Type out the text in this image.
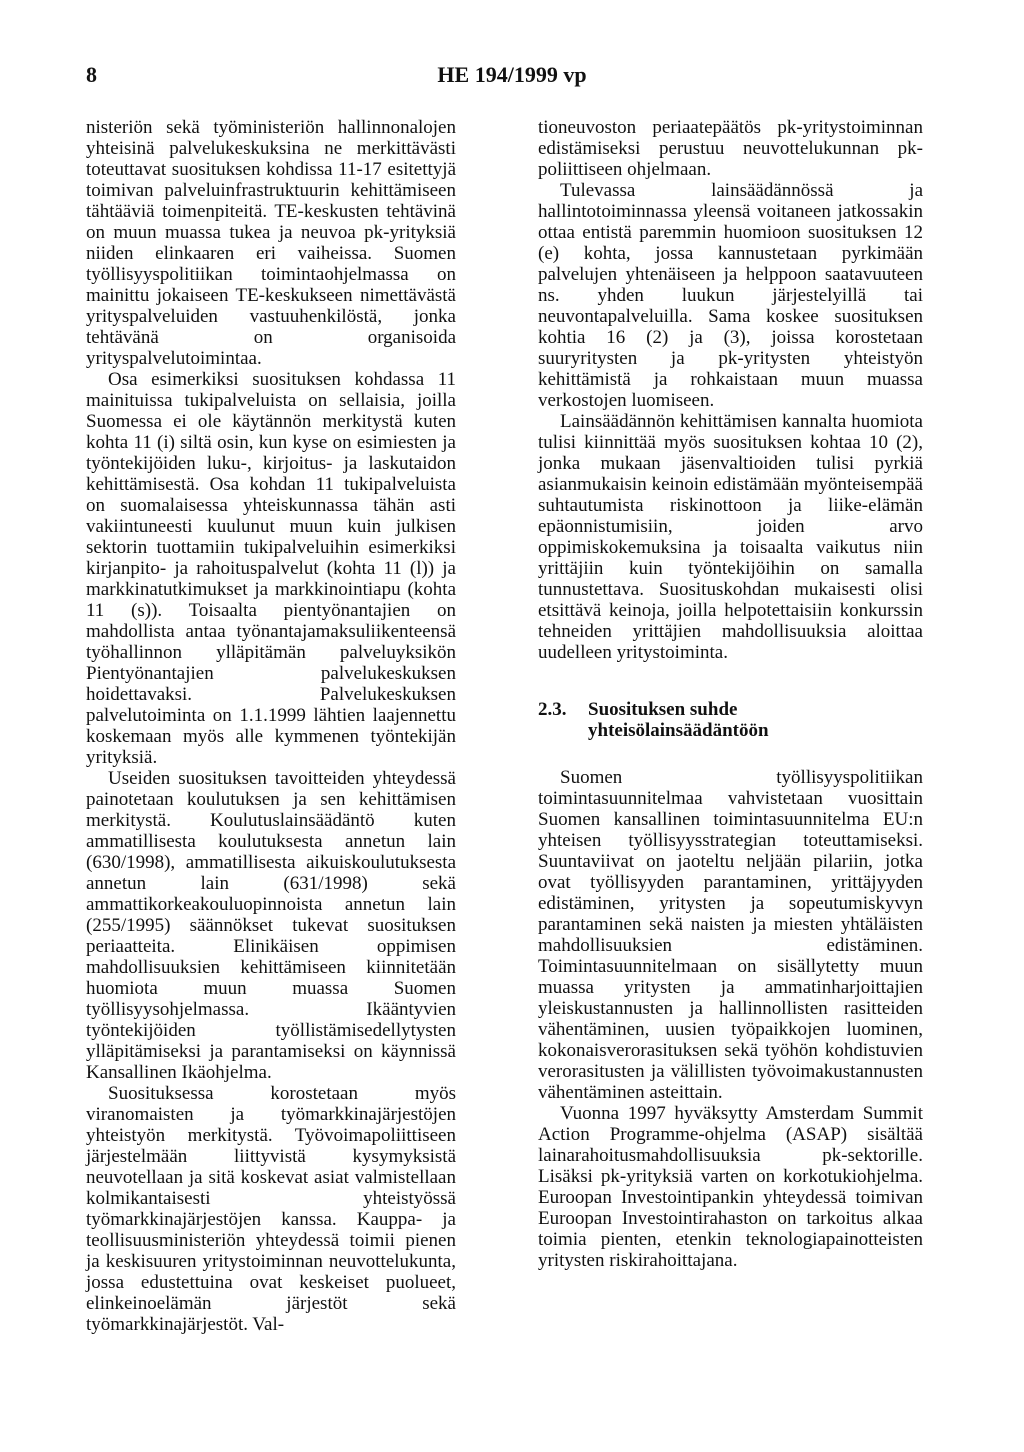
8	HE 194/1999 vp

nisteriön sekä työministeriön hallinnonalojen yhteisinä palvelukeskuksina ne merkittävästi toteuttavat suosituksen kohdissa 11-17 esitettyjä toimivan palveluinfrastruktuurin kehittämiseen tähtääviä toimenpiteitä. TE-keskusten tehtävinä on muun muassa tukea ja neuvoa pk-yrityksiä niiden elinkaaren eri vaiheissa. Suomen työllisyyspolitiikan toimintaohjelmassa on mainittu jokaiseen TE-keskukseen nimettävästä yrityspalveluiden vastuuhenkilöstä, jonka tehtävänä on organisoida yrityspalvelutoimintaa.

Osa esimerkiksi suosituksen kohdassa 11 mainituissa tukipalveluista on sellaisia, joilla Suomessa ei ole käytännön merkitystä kuten kohta 11 (i) siltä osin, kun kyse on esimiesten ja työntekijöiden luku-, kirjoitus- ja laskutaidon kehittämisestä. Osa kohdan 11 tukipalveluista on suomalaisessa yhteiskunnassa tähän asti vakiintuneesti kuulunut muun kuin julkisen sektorin tuottamiin tukipalveluihin esimerkiksi kirjanpito- ja rahoituspalvelut (kohta 11 (l)) ja markkinatutkimukset ja markkinointiapu (kohta 11 (s)). Toisaalta pientyönantajien on mahdollista antaa työnantajamaksuliikenteensä työhallinnon ylläpitämän palveluyksikön Pientyönantajien palvelukeskuksen hoidettavaksi. Palvelukeskuksen palvelutoiminta on 1.1.1999 lähtien laajennettu koskemaan myös alle kymmenen työntekijän yrityksiä.

Useiden suosituksen tavoitteiden yhteydessä painotetaan koulutuksen ja sen kehittämisen merkitystä. Koulutuslainsäädäntö kuten ammatillisesta koulutuksesta annetun lain (630/1998), ammatillisesta aikuiskoulutuksesta annetun lain (631/1998) sekä ammattikorkeakouluopinnoista annetun lain (255/1995) säännökset tukevat suosituksen periaatteita. Elinikäisen oppimisen mahdollisuuksien kehittämiseen kiinnitetään huomiota muun muassa Suomen työllisyysohjelmassa. Ikääntyvien työntekijöiden työllistämisedellytysten ylläpitämiseksi ja parantamiseksi on käynnissä Kansallinen Ikäohjelma.

Suosituksessa korostetaan myös viranomaisten ja työmarkkinajärjestöjen yhteistyön merkitystä. Työvoimapoliittiseen järjestelmään liittyvistä kysymyksistä neuvotellaan ja sitä koskevat asiat valmistellaan kolmikantaisesti yhteistyössä työmarkkinajärjestöjen kanssa. Kauppa- ja teollisuusministeriön yhteydessä toimii pienen ja keskisuuren yritystoiminnan neuvottelukunta, jossa edustettuina ovat keskeiset puolueet, elinkeinoelämän järjestöt sekä työmarkkinajärjestöt. Val-

tioneuvoston periaatepäätös pk-yritystoiminnan edistämiseksi perustuu neuvottelukunnan pk-poliittiseen ohjelmaan.

Tulevassa lainsäädännössä ja hallintotoiminnassa yleensä voitaneen jatkossakin ottaa entistä paremmin huomioon suosituksen 12 (e) kohta, jossa kannustetaan pyrkimään palvelujen yhtenäiseen ja helppoon saatavuuteen ns. yhden luukun järjestelyillä tai neuvontapalveluilla. Sama koskee suosituksen kohtia 16 (2) ja (3), joissa korostetaan suuryritysten ja pk-yritysten yhteistyön kehittämistä ja rohkaistaan muun muassa verkostojen luomiseen.

Lainsäädännön kehittämisen kannalta huomiota tulisi kiinnittää myös suosituksen kohtaa 10 (2), jonka mukaan jäsenvaltioiden tulisi pyrkiä asianmukaisin keinoin edistämään myönteisempää suhtautumista riskinottoon ja liike-elämän epäonnistumisiin, joiden arvo oppimiskokemuksina ja toisaalta vaikutus niin yrittäjiin kuin työntekijöihin on samalla tunnustettava. Suosituskohdan mukaisesti olisi etsittävä keinoja, joilla helpotettaisiin konkurssin tehneiden yrittäjien mahdollisuuksia aloittaa uudelleen yritystoiminta.

2.3.	Suosituksen suhde
yhteisölainsäädäntöön

Suomen työllisyyspolitiikan toimintasuunnitelmaa vahvistetaan vuosittain Suomen kansallinen toimintasuunnitelma EU:n yhteisen työllisyysstrategian toteuttamiseksi. Suuntaviivat on jaoteltu neljään pilariin, jotka ovat työllisyyden parantaminen, yrittäjyyden edistäminen, yritysten ja sopeutumiskyvyn parantaminen sekä naisten ja miesten yhtäläisten mahdollisuuksien edistäminen. Toimintasuunnitelmaan on sisällytetty muun muassa yritysten ja ammatinharjoittajien yleiskustannusten ja hallinnollisten rasitteiden vähentäminen, uusien työpaikkojen luominen, kokonaisverorasituksen sekä työhön kohdistuvien verorasitusten ja välillisten työvoimakustannusten vähentäminen asteittain.

Vuonna 1997 hyväksytty Amsterdam Summit Action Programme-ohjelma (ASAP) sisältää lainarahoitusmahdollisuuksia pk-sektorille. Lisäksi pk-yrityksiä varten on korkotukiohjelma. Euroopan Investointipankin yhteydessä toimivan Euroopan Investointirahaston on tarkoitus alkaa toimia pienten, etenkin teknologiapainotteisten yritysten riskirahoittajana.
